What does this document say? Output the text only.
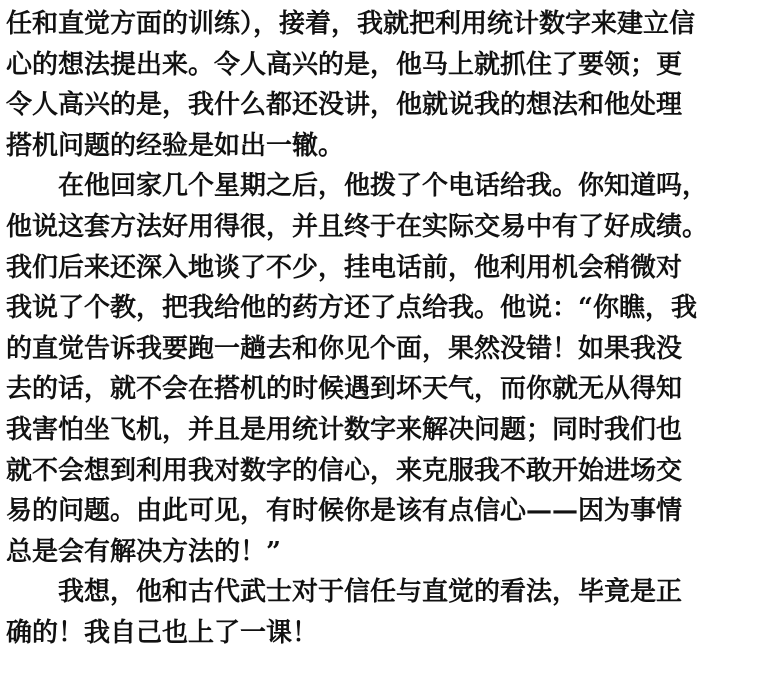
任和直觉方面的训练），接着，我就把利用统计数字来建立信
心的想法提出来。令人高兴的是，他马上就抓住了要领；更
令人高兴的是，我什么都还没讲，他就说我的想法和他处理
搭机问题的经验是如出一辙。
在他回家几个星期之后，他拨了个电话给我。你知道吗，
他说这套方法好用得很，并且终于在实际交易中有了好成绩。
我们后来还深入地谈了不少，挂电话前，他利用机会稍微对
我说了个教，把我给他的药方还了点给我。他说：“你瞧，我
的直觉告诉我要跑一趟去和你见个面，果然没错！如果我没
去的话，就不会在搭机的时候遇到坏天气，而你就无从得知
我害怕坐飞机，并且是用统计数字来解决问题；同时我们也
就不会想到利用我对数字的信心，来克服我不敢开始进场交
易的问题。由此可见，有时候你是该有点信心——因为事情
总是会有解决方法的！”
我想，他和古代武士对于信任与直觉的看法，毕竟是正
确的！我自己也上了一课！
